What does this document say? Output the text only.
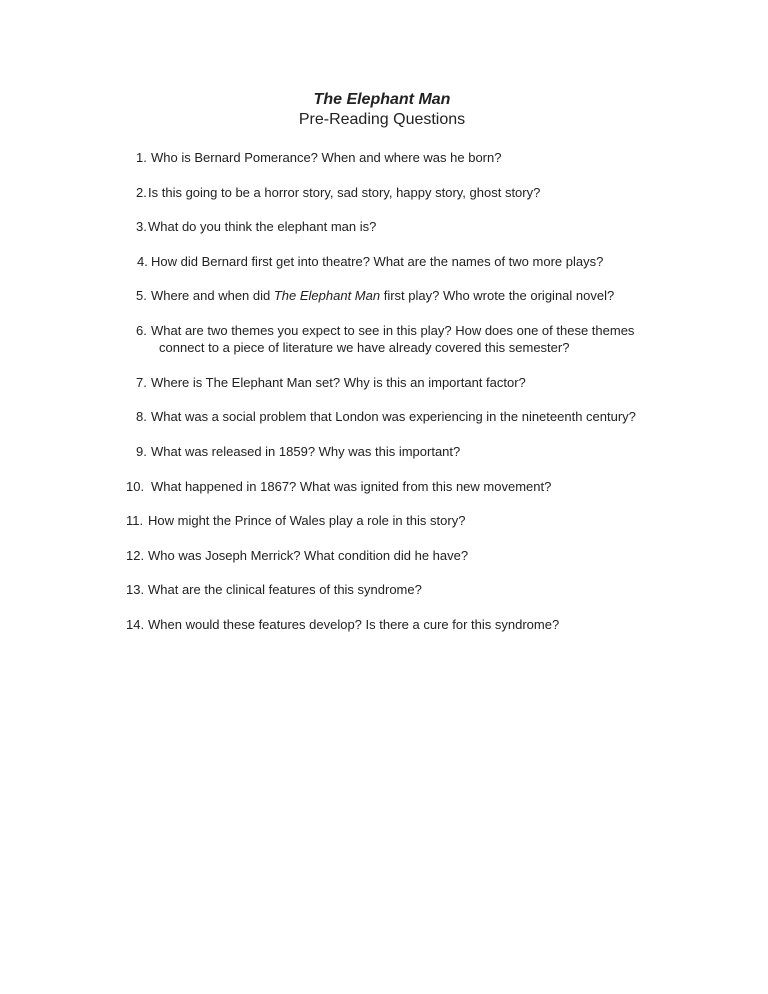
The Elephant Man
Pre-Reading Questions
1. Who is Bernard Pomerance? When and where was he born?
2. Is this going to be a horror story, sad story, happy story, ghost story?
3. What do you think the elephant man is?
4. How did Bernard first get into theatre? What are the names of two more plays?
5. Where and when did The Elephant Man first play? Who wrote the original novel?
6. What are two themes you expect to see in this play? How does one of these themes
connect to a piece of literature we have already covered this semester?
7. Where is The Elephant Man set? Why is this an important factor?
8. What was a social problem that London was experiencing in the nineteenth century?
9. What was released in 1859? Why was this important?
10. What happened in 1867? What was ignited from this new movement?
11. How might the Prince of Wales play a role in this story?
12. Who was Joseph Merrick? What condition did he have?
13. What are the clinical features of this syndrome?
14. When would these features develop? Is there a cure for this syndrome?
